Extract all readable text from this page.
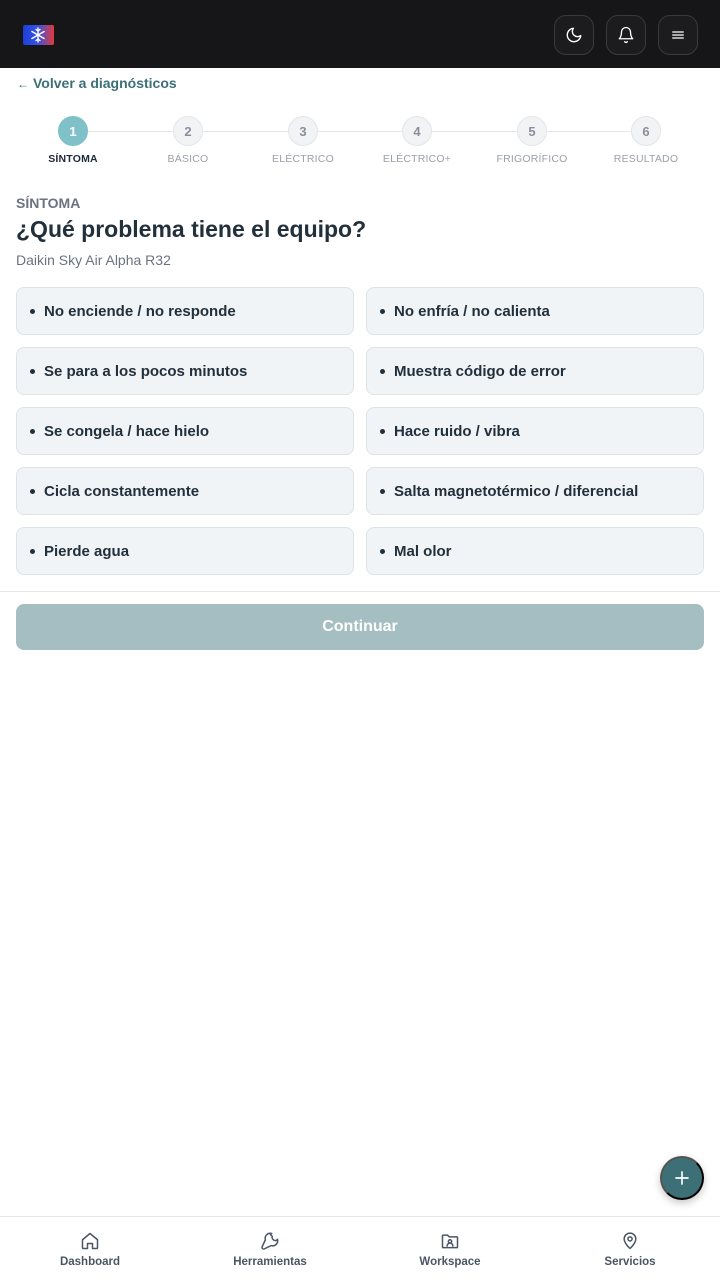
← Volver a diagnósticos
1
SÍNTOMA
2
BÁSICO
3
ELÉCTRICO
4
ELÉCTRICO+
5
FRIGORÍFICO
6
RESULTADO
SÍNTOMA
¿Qué problema tiene el equipo?
Daikin Sky Air Alpha R32
No enciende / no responde	No enfría / no calienta
Se para a los pocos minutos	Muestra código de error
Se congela / hace hielo	Hace ruido / vibra
Cicla constantemente	Salta magnetotérmico / diferencial
Pierde agua	Mal olor
Continuar
Dashboard	Herramientas	Workspace	Servicios
